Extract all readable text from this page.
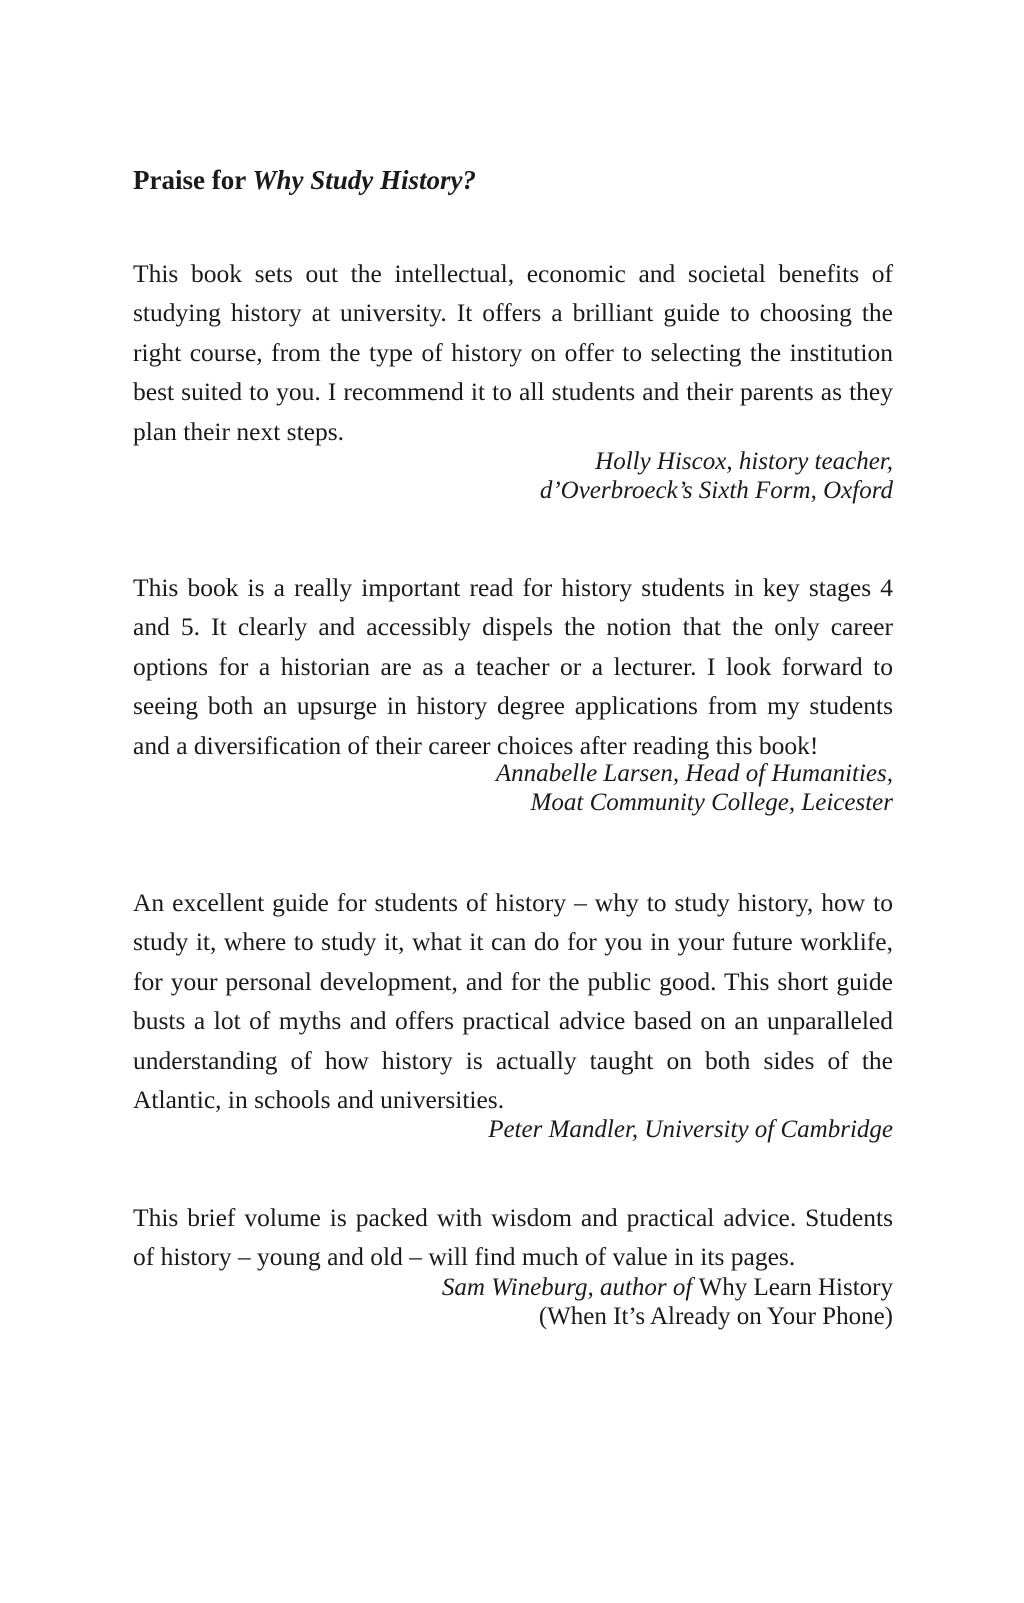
Praise for Why Study History?

This book sets out the intellectual, economic and societal benefits of studying history at university. It offers a brilliant guide to choosing the right course, from the type of history on offer to selecting the institution best suited to you. I recommend it to all students and their parents as they plan their next steps.

Holly Hiscox, history teacher,
d’Overbroeck’s Sixth Form, Oxford

This book is a really important read for history students in key stages 4 and 5. It clearly and accessibly dispels the notion that the only career options for a historian are as a teacher or a lecturer. I look forward to seeing both an upsurge in history degree applications from my students and a diversification of their career choices after reading this book!

Annabelle Larsen, Head of Humanities,
Moat Community College, Leicester

An excellent guide for students of history – why to study history, how to study it, where to study it, what it can do for you in your future worklife, for your personal development, and for the public good. This short guide busts a lot of myths and offers practical advice based on an unparalleled understanding of how history is actually taught on both sides of the Atlantic, in schools and universities.

Peter Mandler, University of Cambridge

This brief volume is packed with wisdom and practical advice. Students of history – young and old – will find much of value in its pages.

Sam Wineburg, author of Why Learn History
(When It’s Already on Your Phone)
